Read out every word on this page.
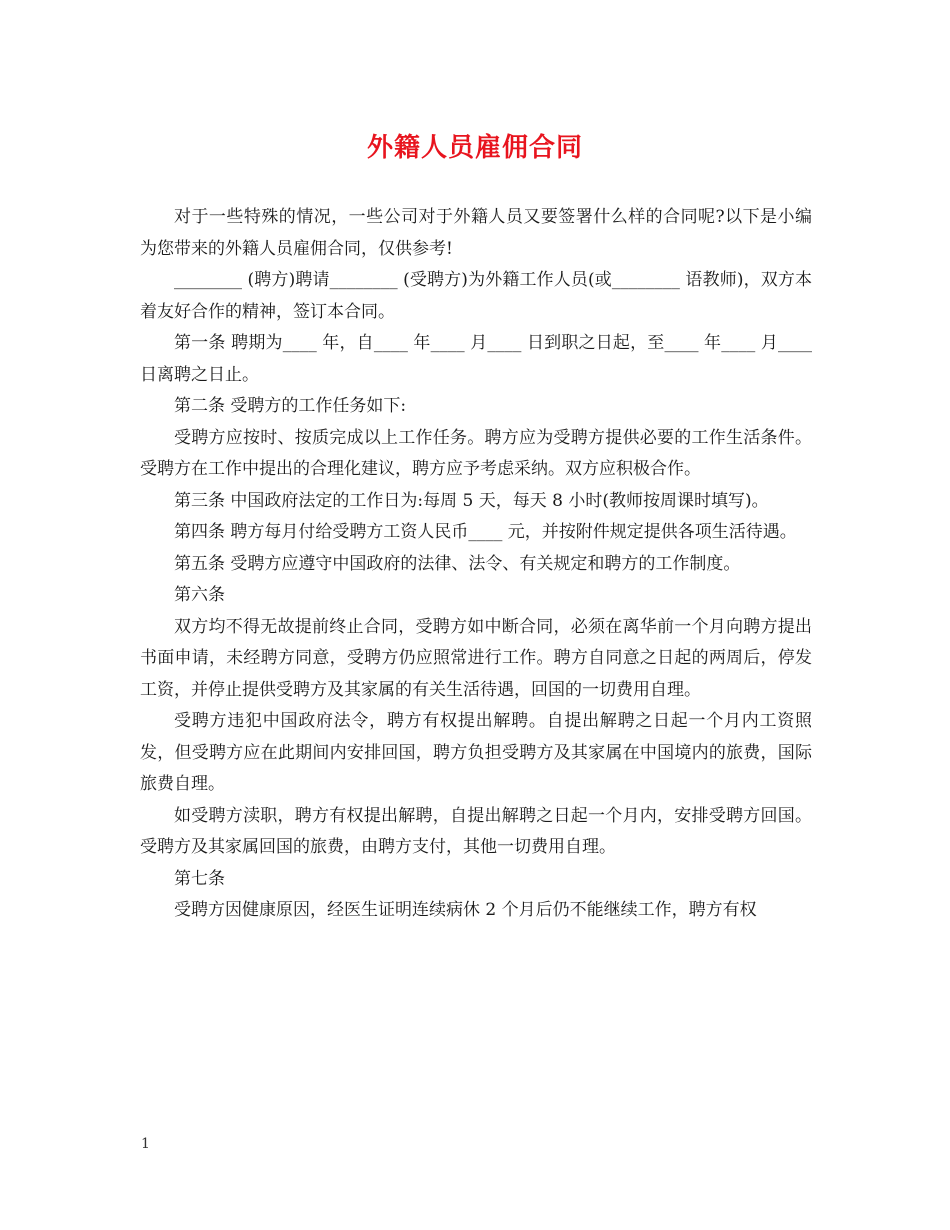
外籍人员雇佣合同

对于一些特殊的情况，一些公司对于外籍人员又要签署什么样的合同呢?以下是小编为您带来的外籍人员雇佣合同，仅供参考!

________ (聘方)聘请________ (受聘方)为外籍工作人员(或________ 语教师)，双方本着友好合作的精神，签订本合同。

第一条 聘期为____ 年，自____ 年____ 月____ 日到职之日起，至____ 年____ 月____ 日离聘之日止。

第二条 受聘方的工作任务如下:

受聘方应按时、按质完成以上工作任务。聘方应为受聘方提供必要的工作生活条件。受聘方在工作中提出的合理化建议，聘方应予考虑采纳。双方应积极合作。

第三条 中国政府法定的工作日为:每周 5 天，每天 8 小时(教师按周课时填写)。

第四条 聘方每月付给受聘方工资人民币____ 元，并按附件规定提供各项生活待遇。

第五条 受聘方应遵守中国政府的法律、法令、有关规定和聘方的工作制度。

第六条

双方均不得无故提前终止合同，受聘方如中断合同，必须在离华前一个月向聘方提出书面申请，未经聘方同意，受聘方仍应照常进行工作。聘方自同意之日起的两周后，停发工资，并停止提供受聘方及其家属的有关生活待遇，回国的一切费用自理。

受聘方违犯中国政府法令，聘方有权提出解聘。自提出解聘之日起一个月内工资照发，但受聘方应在此期间内安排回国，聘方负担受聘方及其家属在中国境内的旅费，国际旅费自理。

如受聘方渎职，聘方有权提出解聘，自提出解聘之日起一个月内，安排受聘方回国。受聘方及其家属回国的旅费，由聘方支付，其他一切费用自理。

第七条

受聘方因健康原因，经医生证明连续病休 2 个月后仍不能继续工作，聘方有权

1
